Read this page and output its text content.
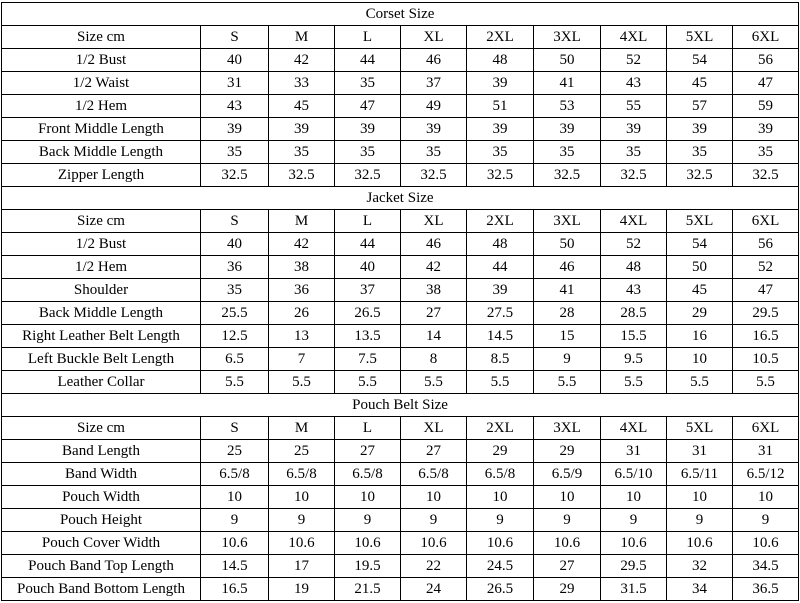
Corset Size									
Size cm	S	M	L	XL	2XL	3XL	4XL	5XL	6XL
1/2 Bust	40	42	44	46	48	50	52	54	56
1/2 Waist	31	33	35	37	39	41	43	45	47
1/2 Hem	43	45	47	49	51	53	55	57	59
Front Middle Length	39	39	39	39	39	39	39	39	39
Back Middle Length	35	35	35	35	35	35	35	35	35
Zipper Length	32.5	32.5	32.5	32.5	32.5	32.5	32.5	32.5	32.5
Jacket Size									
Size cm	S	M	L	XL	2XL	3XL	4XL	5XL	6XL
1/2 Bust	40	42	44	46	48	50	52	54	56
1/2 Hem	36	38	40	42	44	46	48	50	52
Shoulder	35	36	37	38	39	41	43	45	47
Back Middle Length	25.5	26	26.5	27	27.5	28	28.5	29	29.5
Right Leather Belt Length	12.5	13	13.5	14	14.5	15	15.5	16	16.5
Left Buckle Belt Length	6.5	7	7.5	8	8.5	9	9.5	10	10.5
Leather Collar	5.5	5.5	5.5	5.5	5.5	5.5	5.5	5.5	5.5
Pouch Belt Size									
Size cm	S	M	L	XL	2XL	3XL	4XL	5XL	6XL
Band Length	25	25	27	27	29	29	31	31	31
Band Width	6.5/8	6.5/8	6.5/8	6.5/8	6.5/8	6.5/9	6.5/10	6.5/11	6.5/12
Pouch Width	10	10	10	10	10	10	10	10	10
Pouch Height	9	9	9	9	9	9	9	9	9
Pouch Cover Width	10.6	10.6	10.6	10.6	10.6	10.6	10.6	10.6	10.6
Pouch Band Top Length	14.5	17	19.5	22	24.5	27	29.5	32	34.5
Pouch Band Bottom Length	16.5	19	21.5	24	26.5	29	31.5	34	36.5
